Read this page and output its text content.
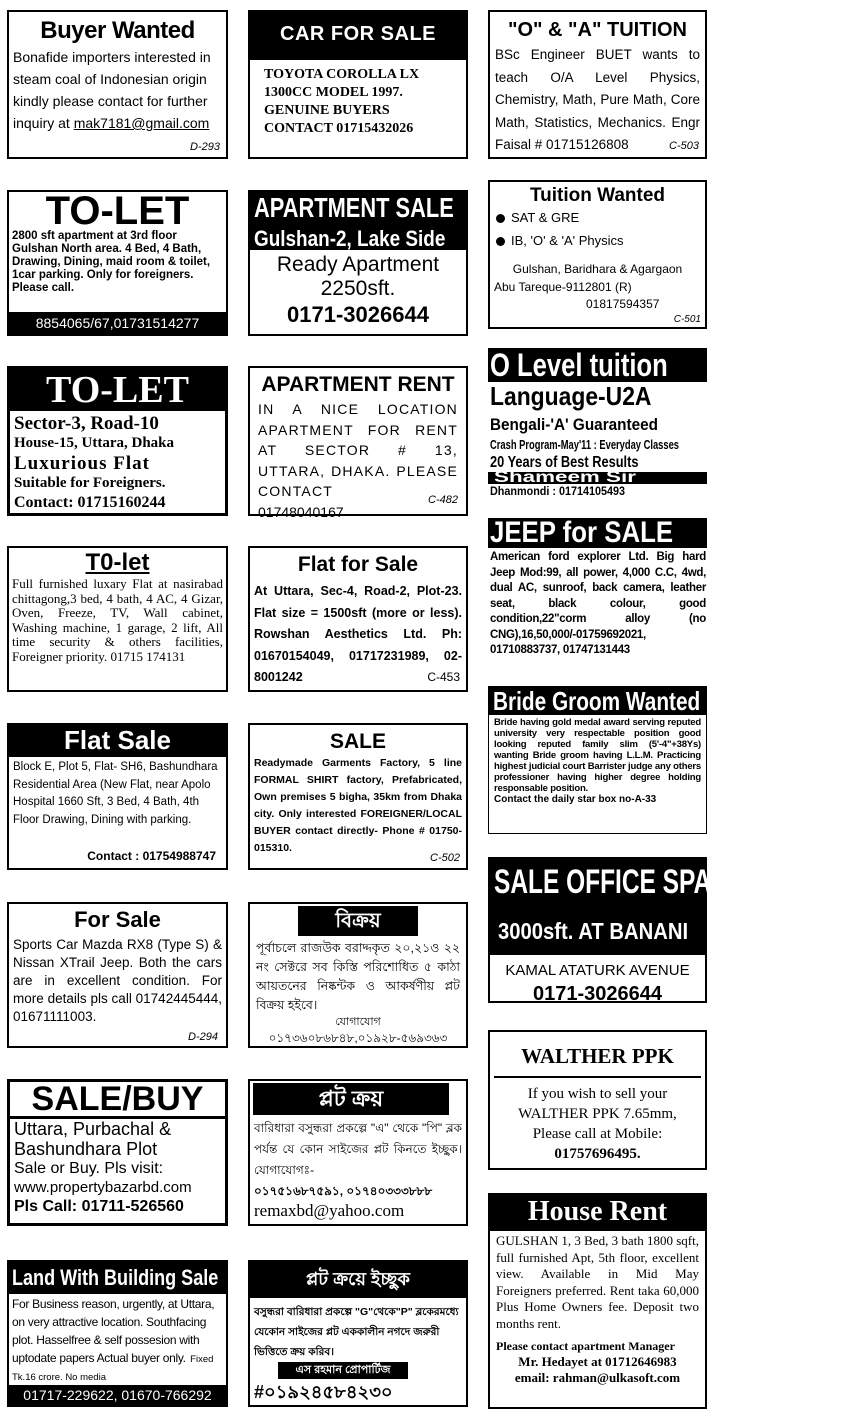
Buyer Wanted
Bonafide importers interested in steam coal of Indonesian origin kindly please contact for further inquiry at mak7181@gmail.com
D-293
TO-LET
2800 sft apartment at 3rd floor Gulshan North area. 4 Bed, 4 Bath, Drawing, Dining, maid room & toilet, 1car parking. Only for foreigners. Please call.
8854065/67,01731514277
TO-LET
Sector-3, Road-10
House-15, Uttara, Dhaka
Luxurious Flat
Suitable for Foreigners.
Contact: 01715160244
T0-let
Full furnished luxary Flat at nasirabad chittagong,3 bed, 4 bath, 4 AC, 4 Gizar, Oven, Freeze, TV, Wall cabinet, Washing machine, 1 garage, 2 lift, All time security & others facilities, Foreigner priority. 01715 174131
Flat Sale
Block E, Plot 5, Flat- SH6, Bashundhara Residential Area (New Flat, near Apolo Hospital 1660 Sft, 3 Bed, 4 Bath, 4th Floor Drawing, Dining with parking.
Contact : 01754988747
For Sale
Sports Car Mazda RX8 (Type S) & Nissan XTrail Jeep. Both the cars are in excellent condition. For more details pls call 01742445444, 01671111003.
D-294
SALE/BUY
Uttara, Purbachal &
Bashundhara Plot
Sale or Buy. Pls visit:
www.propertybazarbd.com
Pls Call: 01711-526560
Land With Building Sale
For Business reason, urgently, at Uttara, on very attractive location. Southfacing plot. Hasselfree & self possesion with uptodate papers Actual buyer only. Fixed Tk.16 crore. No media
01717-229622, 01670-766292
CAR FOR SALE
TOYOTA COROLLA LX
1300CC MODEL 1997.
GENUINE BUYERS
CONTACT 01715432026
APARTMENT SALE
Gulshan-2, Lake Side
Ready Apartment
2250sft.
0171-3026644
APARTMENT RENT
IN A NICE LOCATION APARTMENT FOR RENT AT SECTOR # 13, UTTARA, DHAKA. PLEASE CONTACT
01748040167
C-482
Flat for Sale
At Uttara, Sec-4, Road-2, Plot-23. Flat size = 1500sft (more or less). Rowshan Aesthetics Ltd. Ph: 01670154049, 01717231989, 02-8001242	C-453
SALE
Readymade Garments Factory, 5 line FORMAL SHIRT factory, Prefabricated, Own premises 5 bigha, 35km from Dhaka city. Only interested FOREIGNER/LOCAL BUYER contact directly- Phone # 01750-015310.
C-502
বিক্রয়
পূর্বাচলে রাজউক বরাদ্দকৃত ২০,২১ও ২২ নং সেক্টরে সব কিস্তি পরিশোধিত ৫ কাঠা আয়তনের নিষ্কন্টক ও আকর্ষণীয় প্লট বিক্রয় হইবে।
যোগাযোগ
০১৭৩৬০৮৬৮৪৮,০১৯২৮-৫৬৯৩৬৩
প্লট ক্রয়
বারিধারা বসুন্ধরা প্রকল্পে "এ" থেকে "পি" ব্লক পর্যন্ত যে কোন সাইজের প্লট কিনতে ইচ্ছুক। যোগাযোগঃ-
০১৭৫১৬৮৭৫৯১, ০১৭৪০৩৩৩৮৮৮
remaxbd@yahoo.com
প্লট ক্রয়ে ইচ্ছুক
বসুন্ধরা বারিধারা প্রকল্পে "G"থেকে"P" ব্লকেরমধ্যে যেকোন সাইজের প্লট এককালীন নগদে জরুরী ভিত্তিতে ক্রয় করিব।
এস রহমান প্রোপার্টিজ
#০১৯২৪৫৮৪২৩০
"O" & "A" TUITION
BSc Engineer BUET wants to teach O/A Level Physics, Chemistry, Math, Pure Math, Core Math, Statistics, Mechanics. Engr Faisal # 01715126808	C-503
Tuition Wanted
SAT & GRE
IB, 'O' & 'A' Physics
Gulshan, Baridhara & Agargaon
Abu Tareque-9112801 (R)
01817594357
C-501
O Level tuition
Language-U2A
Bengali-'A' Guaranteed
Crash Program-May'11 : Everyday Classes
20 Years of Best Results
Shameem Sir
Dhanmondi : 01714105493
JEEP for SALE
American ford explorer Ltd. Big hard Jeep Mod:99, all power, 4,000 C.C, 4wd, dual AC, sunroof, back camera, leather seat, black colour, good condition,22"corm alloy (no CNG),16,50,000/-01759692021, 01710883737, 01747131443
Bride Groom Wanted
Bride having gold medal award serving reputed university very respectable position good looking reputed family slim (5'-4"+38Ys) wanting Bride groom having L.L.M. Practicing highest judicial court Barrister judge any others professioner having higher degree holding responsable position.
Contact the daily star box no-A-33
SALE OFFICE SPACE
3000sft. AT BANANI
KAMAL ATATURK AVENUE
0171-3026644
WALTHER PPK
If you wish to sell your
WALTHER PPK 7.65mm,
Please call at Mobile:
01757696495.
House Rent
GULSHAN 1, 3 Bed, 3 bath 1800 sqft, full furnished Apt, 5th floor, excellent view. Available in Mid May Foreigners preferred. Rent taka 60,000 Plus Home Owners fee. Deposit two months rent.
Please contact apartment Manager
Mr. Hedayet at 01712646983
email: rahman@ulkasoft.com
